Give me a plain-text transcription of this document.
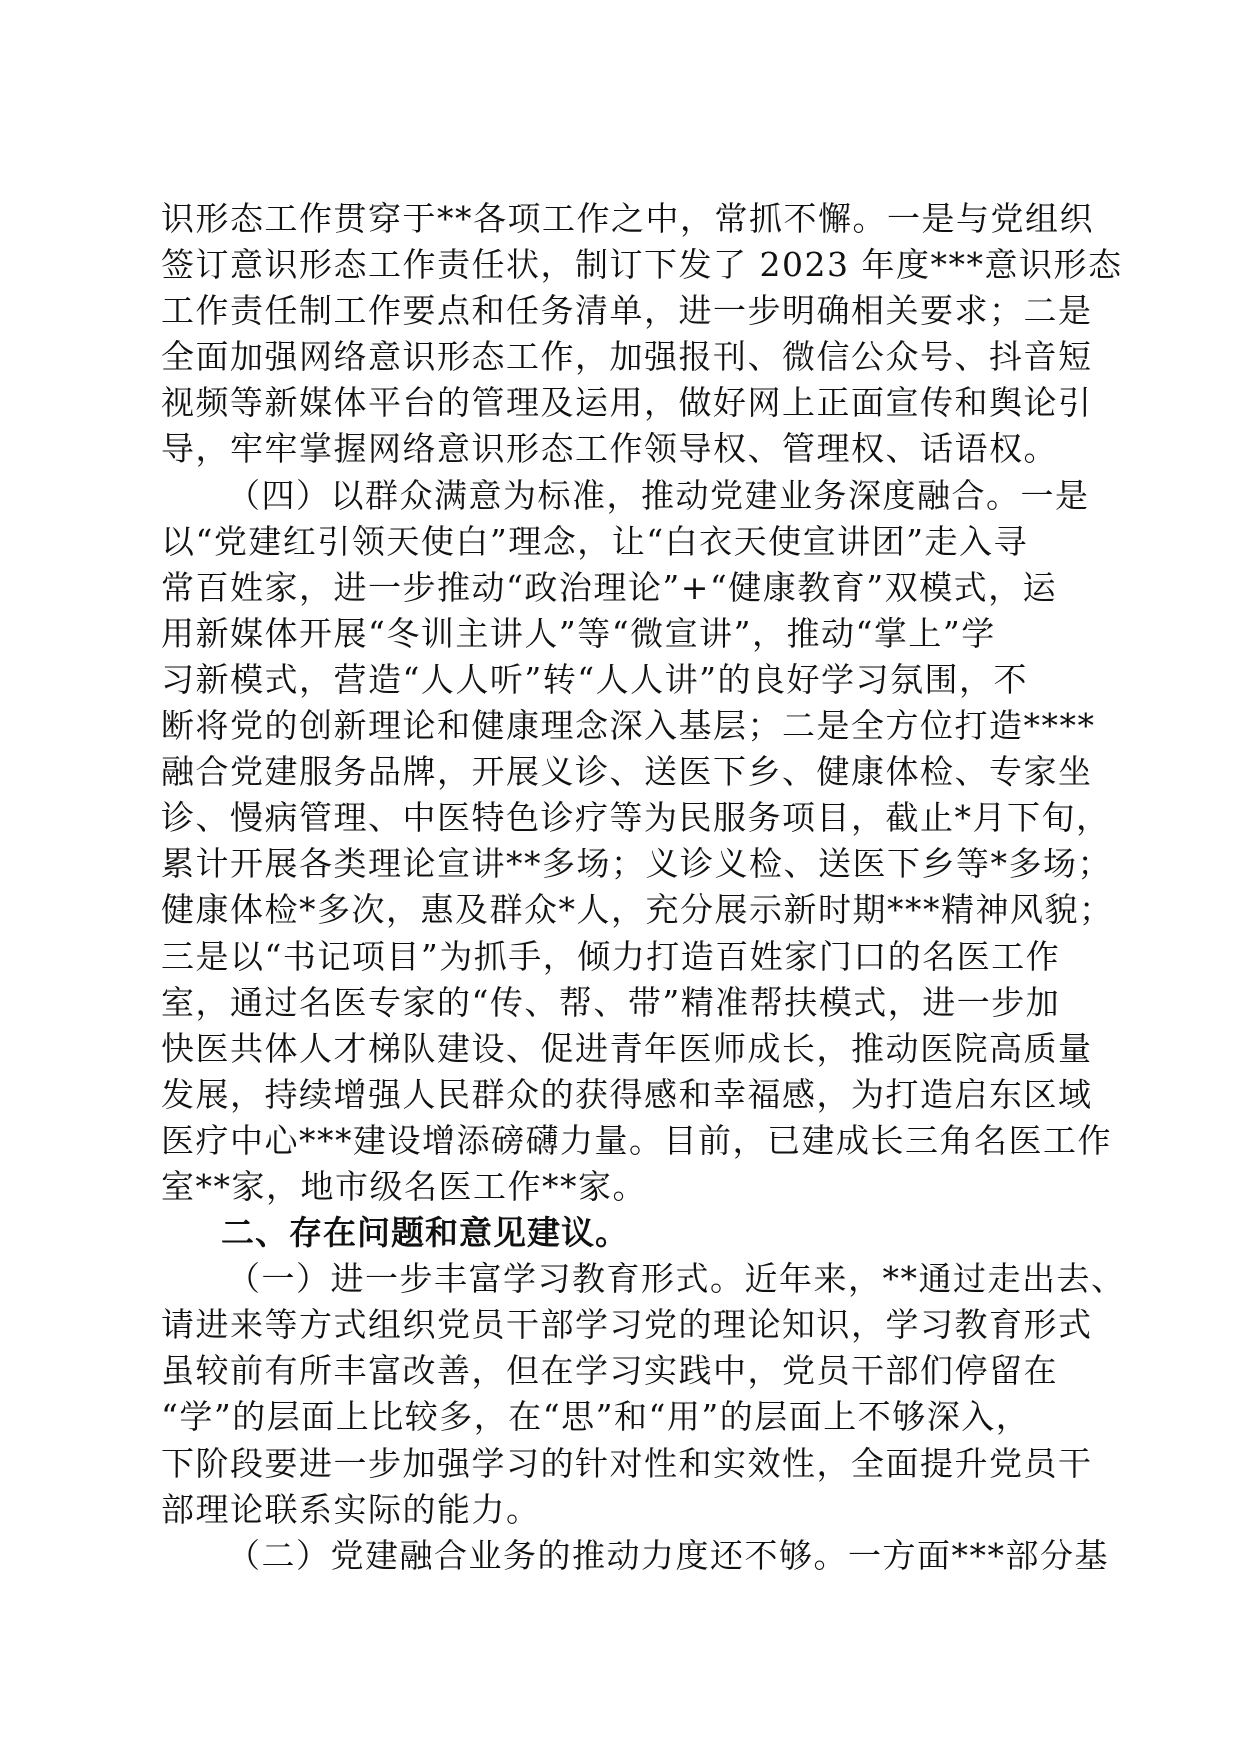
识形态工作贯穿于**各项工作之中，常抓不懈。一是与党组织
签订意识形态工作责任状，制订下发了 2023 年度***意识形态
工作责任制工作要点和任务清单，进一步明确相关要求；二是
全面加强网络意识形态工作，加强报刊、微信公众号、抖音短
视频等新媒体平台的管理及运用，做好网上正面宣传和舆论引
导，牢牢掌握网络意识形态工作领导权、管理权、话语权。
（四）以群众满意为标准，推动党建业务深度融合。一是
以“党建红引领天使白”理念，让“白衣天使宣讲团”走入寻
常百姓家，进一步推动“政治理论”+“健康教育”双模式，运
用新媒体开展“冬训主讲人”等“微宣讲”，推动“掌上”学
习新模式，营造“人人听”转“人人讲”的良好学习氛围，不
断将党的创新理论和健康理念深入基层；二是全方位打造****
融合党建服务品牌，开展义诊、送医下乡、健康体检、专家坐
诊、慢病管理、中医特色诊疗等为民服务项目，截止*月下旬，
累计开展各类理论宣讲**多场；义诊义检、送医下乡等*多场；
健康体检*多次，惠及群众*人，充分展示新时期***精神风貌；
三是以“书记项目”为抓手，倾力打造百姓家门口的名医工作
室，通过名医专家的“传、帮、带”精准帮扶模式，进一步加
快医共体人才梯队建设、促进青年医师成长，推动医院高质量
发展，持续增强人民群众的获得感和幸福感，为打造启东区域
医疗中心***建设增添磅礴力量。目前，已建成长三角名医工作
室**家，地市级名医工作**家。
二、存在问题和意见建议。
（一）进一步丰富学习教育形式。近年来，**通过走出去、
请进来等方式组织党员干部学习党的理论知识，学习教育形式
虽较前有所丰富改善，但在学习实践中，党员干部们停留在
“学”的层面上比较多，在“思”和“用”的层面上不够深入，
下阶段要进一步加强学习的针对性和实效性，全面提升党员干
部理论联系实际的能力。
（二）党建融合业务的推动力度还不够。一方面***部分基
